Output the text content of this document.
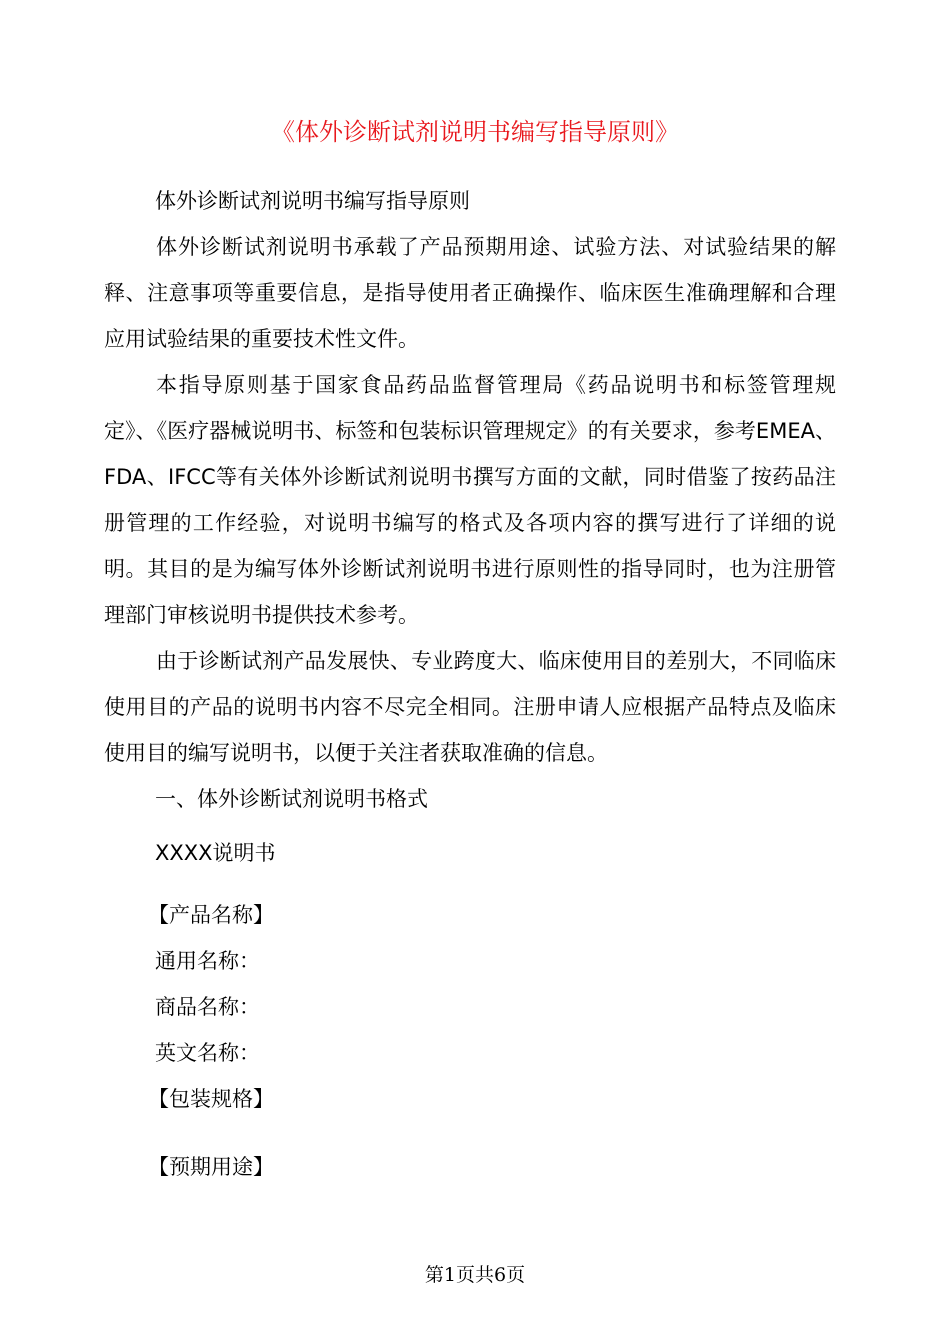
《体外诊断试剂说明书编写指导原则》

体外诊断试剂说明书编写指导原则

体外诊断试剂说明书承载了产品预期用途、试验方法、对试验结果的解释、注意事项等重要信息，是指导使用者正确操作、临床医生准确理解和合理应用试验结果的重要技术性文件。

本指导原则基于国家食品药品监督管理局《药品说明书和标签管理规定》、《医疗器械说明书、标签和包装标识管理规定》的有关要求，参考EMEA、FDA、IFCC等有关体外诊断试剂说明书撰写方面的文献，同时借鉴了按药品注册管理的工作经验，对说明书编写的格式及各项内容的撰写进行了详细的说明。其目的是为编写体外诊断试剂说明书进行原则性的指导同时，也为注册管理部门审核说明书提供技术参考。

由于诊断试剂产品发展快、专业跨度大、临床使用目的差别大，不同临床使用目的产品的说明书内容不尽完全相同。注册申请人应根据产品特点及临床使用目的编写说明书，以便于关注者获取准确的信息。

一、体外诊断试剂说明书格式

XXXX说明书

【产品名称】

通用名称：

商品名称：

英文名称：

【包装规格】

【预期用途】

第1页共6页
